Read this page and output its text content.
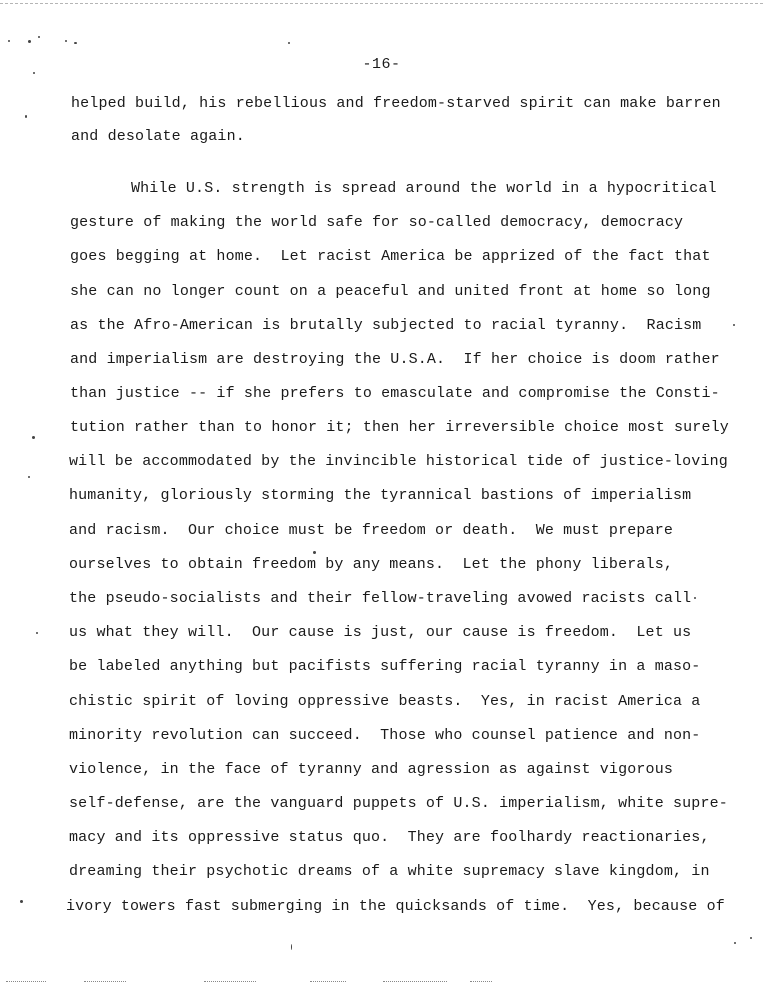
-16-
helped build, his rebellious and freedom-starved spirit can make barren
and desolate again.
While U.S. strength is spread around the world in a hypocritical
gesture of making the world safe for so-called democracy, democracy
goes begging at home.  Let racist America be apprized of the fact that
she can no longer count on a peaceful and united front at home so long
as the Afro-American is brutally subjected to racial tyranny.  Racism
and imperialism are destroying the U.S.A.  If her choice is doom rather
than justice -- if she prefers to emasculate and compromise the Consti-
tution rather than to honor it; then her irreversible choice most surely
will be accommodated by the invincible historical tide of justice-loving
humanity, gloriously storming the tyrannical bastions of imperialism
and racism.  Our choice must be freedom or death.  We must prepare
ourselves to obtain freedom by any means.  Let the phony liberals,
the pseudo-socialists and their fellow-traveling avowed racists call
us what they will.  Our cause is just, our cause is freedom.  Let us
be labeled anything but pacifists suffering racial tyranny in a maso-
chistic spirit of loving oppressive beasts.  Yes, in racist America a
minority revolution can succeed.  Those who counsel patience and non-
violence, in the face of tyranny and agression as against vigorous
self-defense, are the vanguard puppets of U.S. imperialism, white supre-
macy and its oppressive status quo.  They are foolhardy reactionaries,
dreaming their psychotic dreams of a white supremacy slave kingdom, in
ivory towers fast submerging in the quicksands of time.  Yes, because of
